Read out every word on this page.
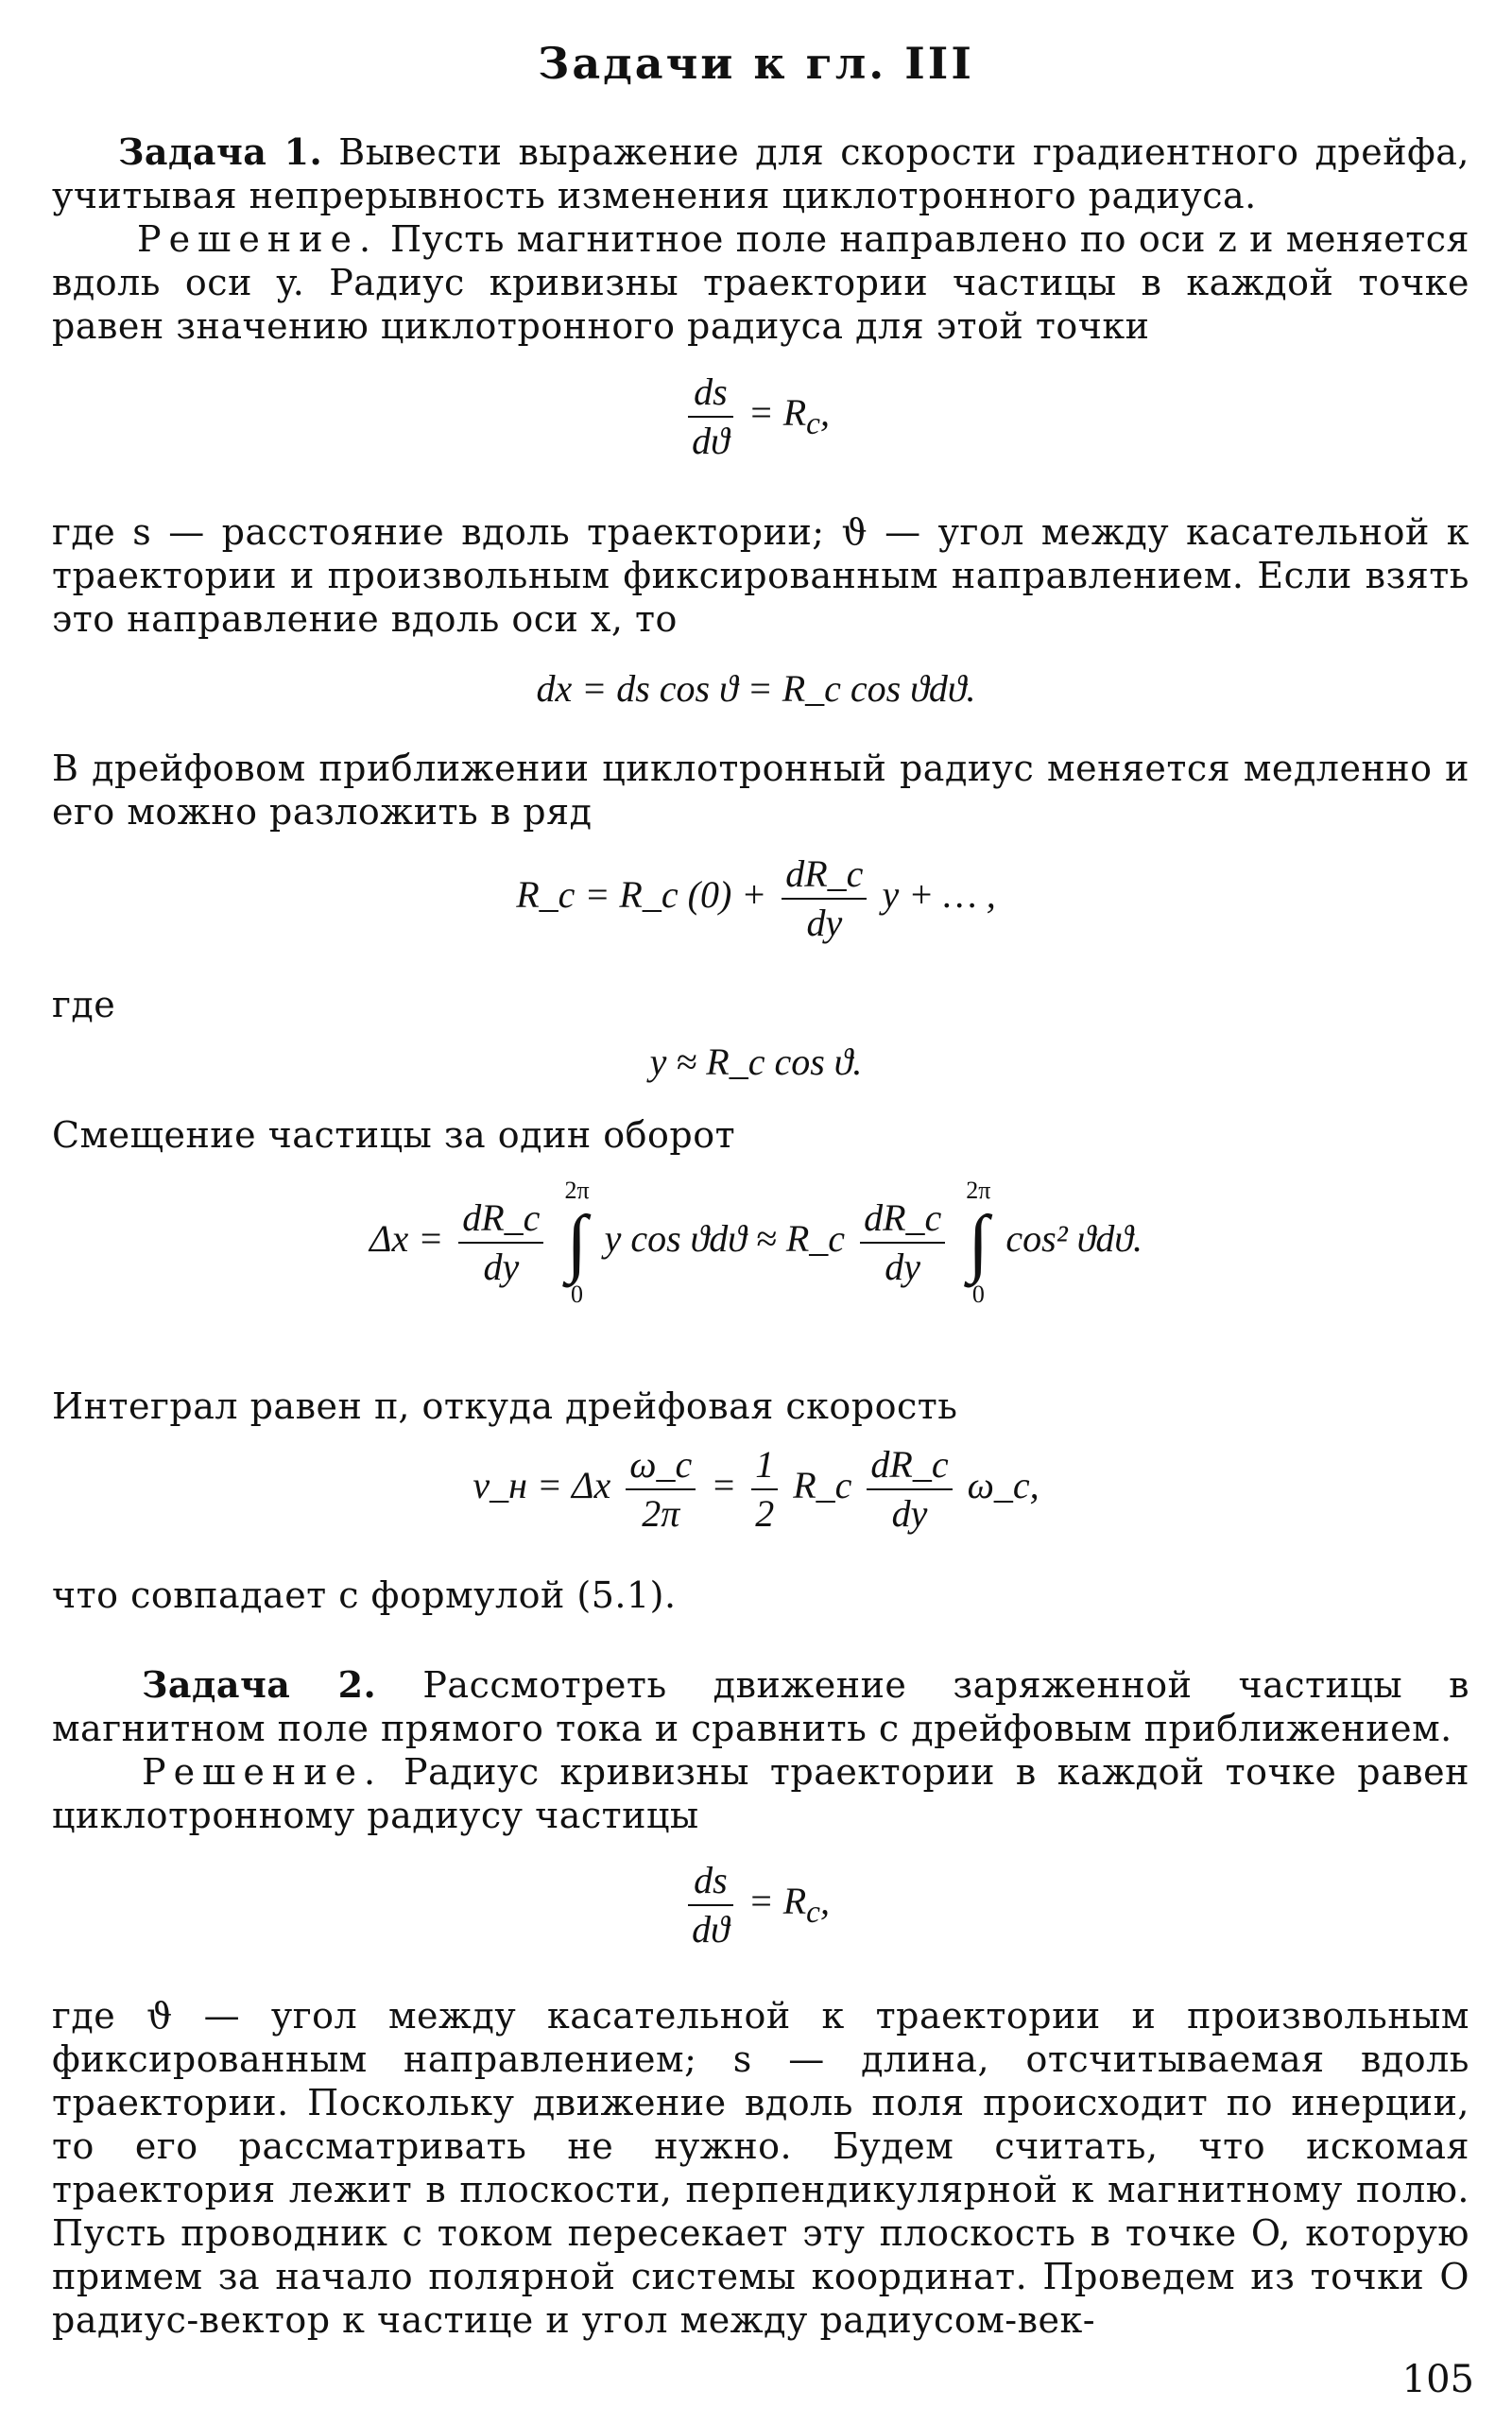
Задачи к гл. III
Задача 1. Вывести выражение для скорости градиентного дрейфа, учитывая непрерывность изменения циклотронного радиуса.
Решение. Пусть магнитное поле направлено по оси z и меняется вдоль оси y. Радиус кривизны траектории частицы в каждой точке равен значению циклотронного радиуса для этой точки
$\frac{ds}{dϑ} = R_c$,
где s — расстояние вдоль траектории; ϑ — угол между касательной к траектории и произвольным фиксированным направлением. Если взять это направление вдоль оси x, то
dx = ds cos ϑ = R_c cos ϑdϑ.
В дрейфовом приближении циклотронный радиус меняется медленно и его можно разложить в ряд
R_c = R_c $(0) + \frac{dR\_c}{dy}$ y + … ,
где
y ≈ R_c cos ϑ.
Смещение частицы за один оборот
$\Delta x = \frac{dR\_c}{dy}$

2π
∫
0
y cos ϑdϑ ≈ R_c $\frac{dR\_c}{dy}$

2π
∫
0
cos² ϑdϑ.
Интеграл равен π, откуда дрейфовая скорость
v_н = Δx $\frac{\omega\_c}{2\pi} = \frac{1}{2}$ R_c $\frac{dR\_c}{dy}$ ω_c,
что совпадает с формулой (5.1).
Задача 2. Рассмотреть движение заряженной частицы в магнитном поле прямого тока и сравнить с дрейфовым приближением.
Решение. Радиус кривизны траектории в каждой точке равен циклотронному радиусу частицы
$\frac{ds}{dϑ} = R_c$,
где ϑ — угол между касательной к траектории и произвольным фиксированным направлением; s — длина, отсчитываемая вдоль траектории. Поскольку движение вдоль поля происходит по инерции, то его рассматривать не нужно. Будем считать, что искомая траектория лежит в плоскости, перпендикулярной к магнитному полю. Пусть проводник с током пересекает эту плоскость в точке O, которую примем за начало полярной системы координат. Проведем из точки O радиус-вектор к частице и угол между радиусом-век-
105
